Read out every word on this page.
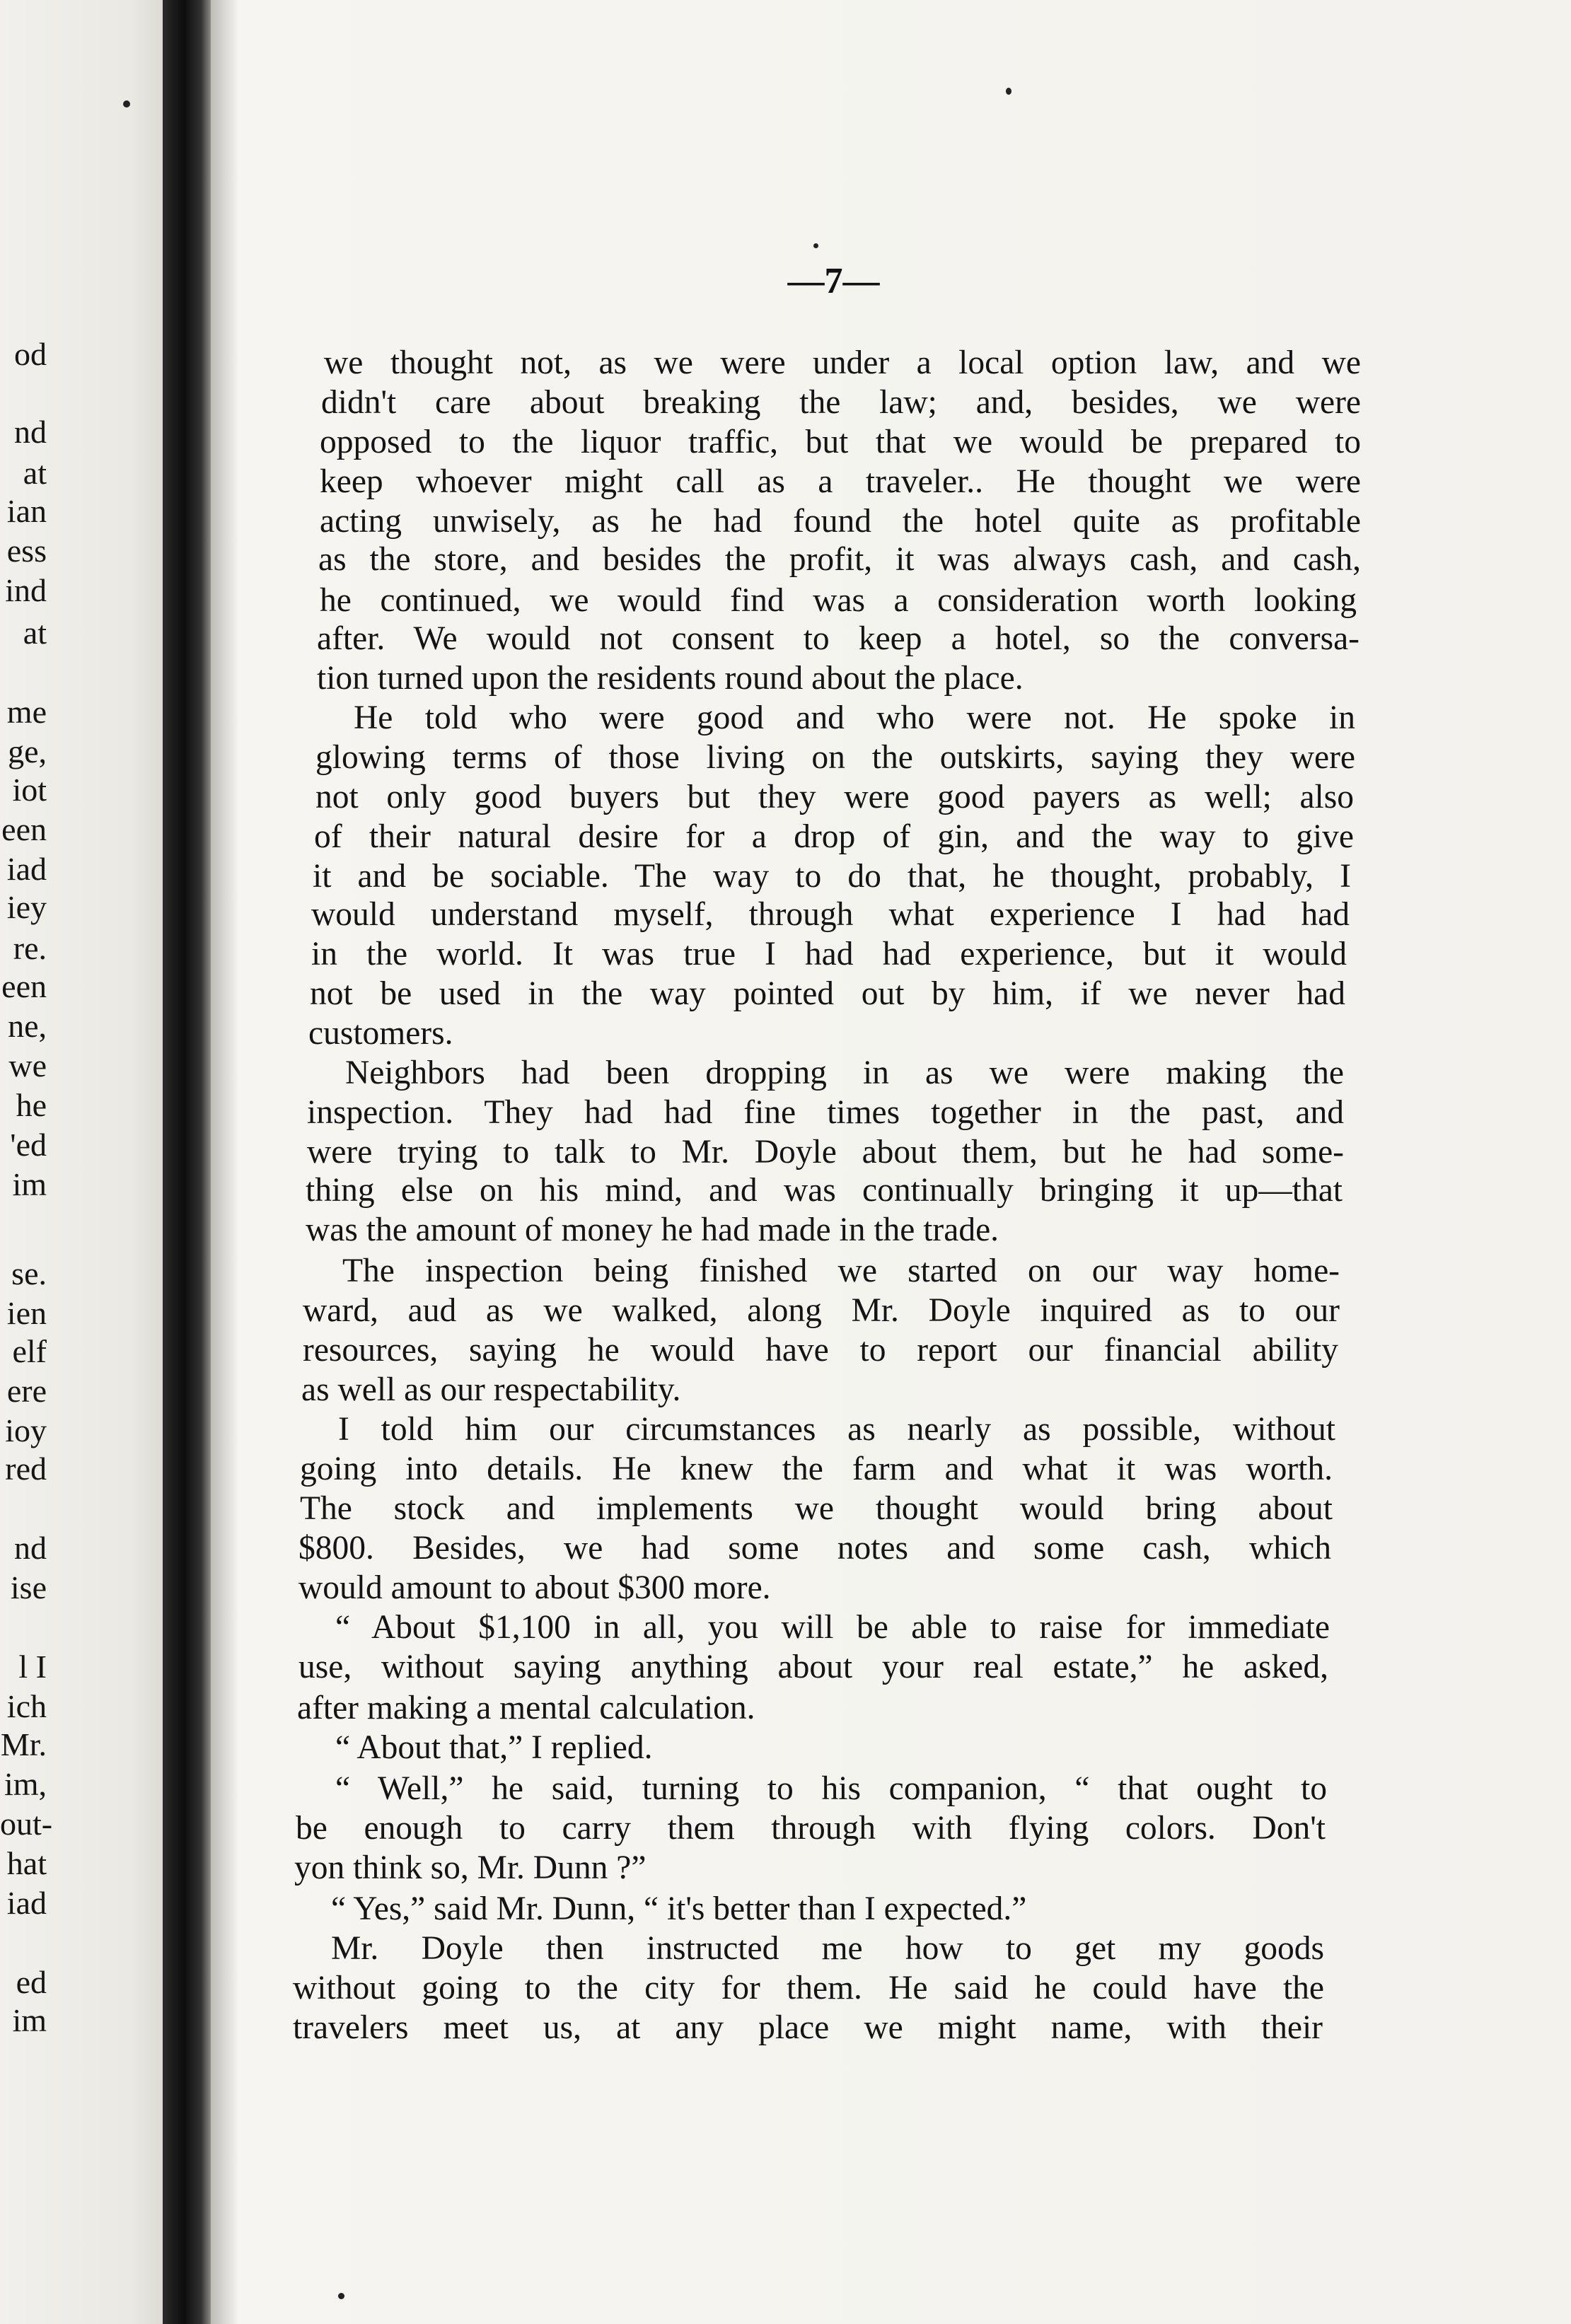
od

nd

at

ian

ess

ind

at

me

ge,

iot

een

iad

iey

re.

een

ne,

we

he

'ed

im

se.

ien

elf

ere

ioy

red

nd

ise

l I

ich

Mr.

im,

out-

hat

iad

ed

im

—7—

we thought not, as we were under a local option law, and we

didn't care about breaking the law; and, besides, we were

opposed to the liquor traffic, but that we would be prepared to

keep whoever might call as a traveler.. He thought we were

acting unwisely, as he had found the hotel quite as profitable

as the store, and besides the profit, it was always cash, and cash,

he continued, we would find was a consideration worth looking

after. We would not consent to keep a hotel, so the conversa-

tion turned upon the residents round about the place.

He told who were good and who were not. He spoke in

glowing terms of those living on the outskirts, saying they were

not only good buyers but they were good payers as well; also

of their natural desire for a drop of gin, and the way to give

it and be sociable. The way to do that, he thought, probably, I

would understand myself, through what experience I had had

in the world. It was true I had had experience, but it would

not be used in the way pointed out by him, if we never had

customers.

Neighbors had been dropping in as we were making the

inspection. They had had fine times together in the past, and

were trying to talk to Mr. Doyle about them, but he had some-

thing else on his mind, and was continually bringing it up—that

was the amount of money he had made in the trade.

The inspection being finished we started on our way home-

ward, aud as we walked, along Mr. Doyle inquired as to our

resources, saying he would have to report our financial ability

as well as our respectability.

I told him our circumstances as nearly as possible, without

going into details. He knew the farm and what it was worth.

The stock and implements we thought would bring about

$800. Besides, we had some notes and some cash, which

would amount to about $300 more.

“ About $1,100 in all, you will be able to raise for immediate

use, without saying anything about your real estate,” he asked,

after making a mental calculation.

“ About that,” I replied.

“ Well,” he said, turning to his companion, “ that ought to

be enough to carry them through with flying colors. Don't

yon think so, Mr. Dunn ?”

“ Yes,” said Mr. Dunn, “ it's better than I expected.”

Mr. Doyle then instructed me how to get my goods

without going to the city for them. He said he could have the

travelers meet us, at any place we might name, with their
